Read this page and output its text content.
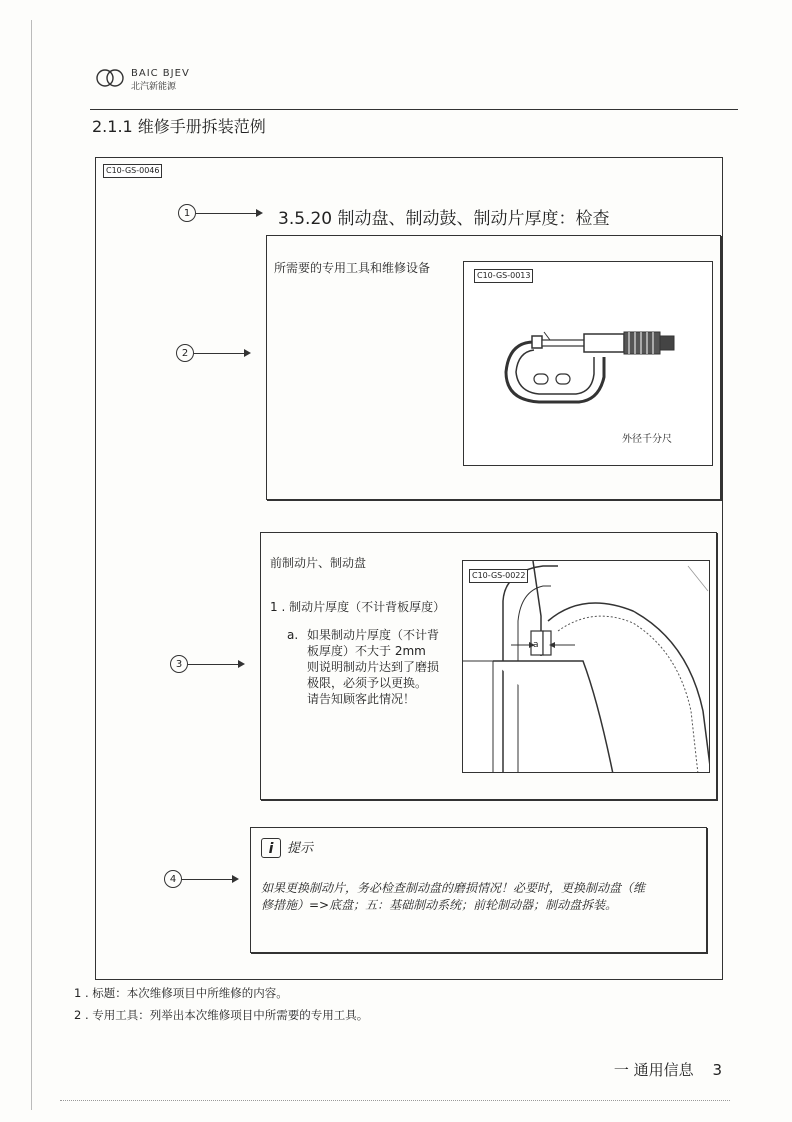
BAIC BJEV
北汽新能源
2.1.1 维修手册拆装范例
C10-GS-0046
1	3.5.20 制动盘、制动鼓、制动片厚度：检查
2
所需要的专用工具和维修设备
C10-GS-0013
外径千分尺
3
前制动片、制动盘
1 . 制动片厚度（不计背板厚度）
a. 如果制动片厚度（不计背
板厚度）不大于 2mm
则说明制动片达到了磨损
极限，必须予以更换。
请告知顾客此情况！
C10-GS-0022
a
4
i	提示
如果更换制动片，务必检查制动盘的磨损情况！必要时，更换制动盘（维
修措施）=>底盘；五：基础制动系统；前轮制动器；制动盘拆装。
1 . 标题：本次维修项目中所维修的内容。
2 . 专用工具：列举出本次维修项目中所需要的专用工具。
一 通用信息 3
